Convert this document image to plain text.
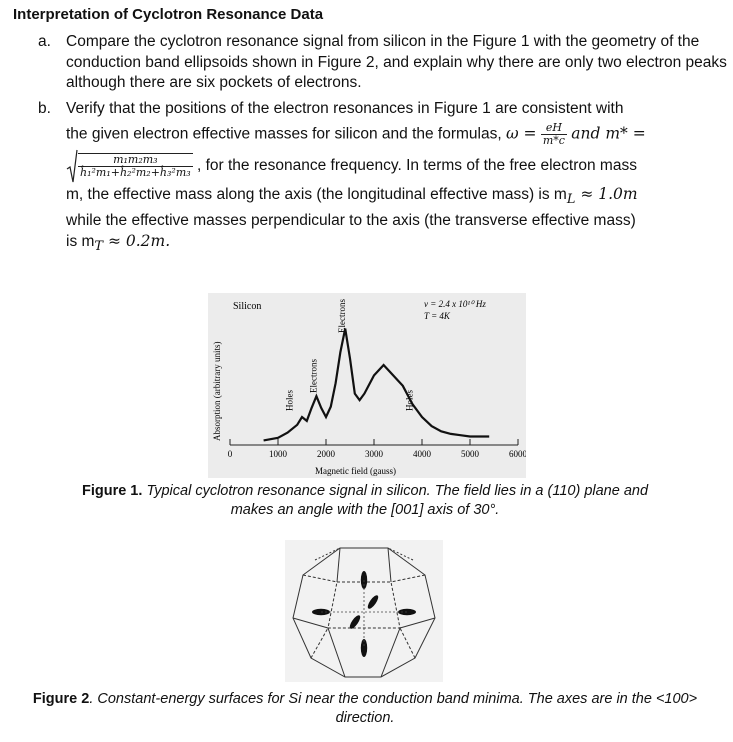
Interpretation of Cyclotron Resonance Data
a. Compare the cyclotron resonance signal from silicon in the Figure 1 with the geometry of the conduction band ellipsoids shown in Figure 2, and explain why there are only two electron peaks although there are six pockets of electrons.
b. Verify that the positions of the electron resonances in Figure 1 are consistent with
the given electron effective masses for silicon and the formulas, $\omega = \frac{eH}{m*c}$ and m* =
$\frac{\text{m₁m₂m₃}}{\text{ĥ₁²m₁+ĥ₂²m₂+ĥ₃²m₃}}$ , for the resonance frequency. In terms of the free electron mass
m, the effective mass along the axis (the longitudinal effective mass) is $m_L \approx 1.0m$
while the effective masses perpendicular to the axis (the transverse effective mass)
is $m_T \approx 0.2m$.
Silicon	ν = 2.4 x 10¹⁰ Hz
T = 4K
Absorption (arbitrary units)
Magnetic field (gauss)
0	1000	2000	3000	4000	5000	6000
Holes
Electrons
Electrons
Holes
Figure 1. Typical cyclotron resonance signal in silicon. The field lies in a (110) plane and makes an angle with the [001] axis of 30°.
Figure 2. Constant-energy surfaces for Si near the conduction band minima. The axes are in the <100> direction.
